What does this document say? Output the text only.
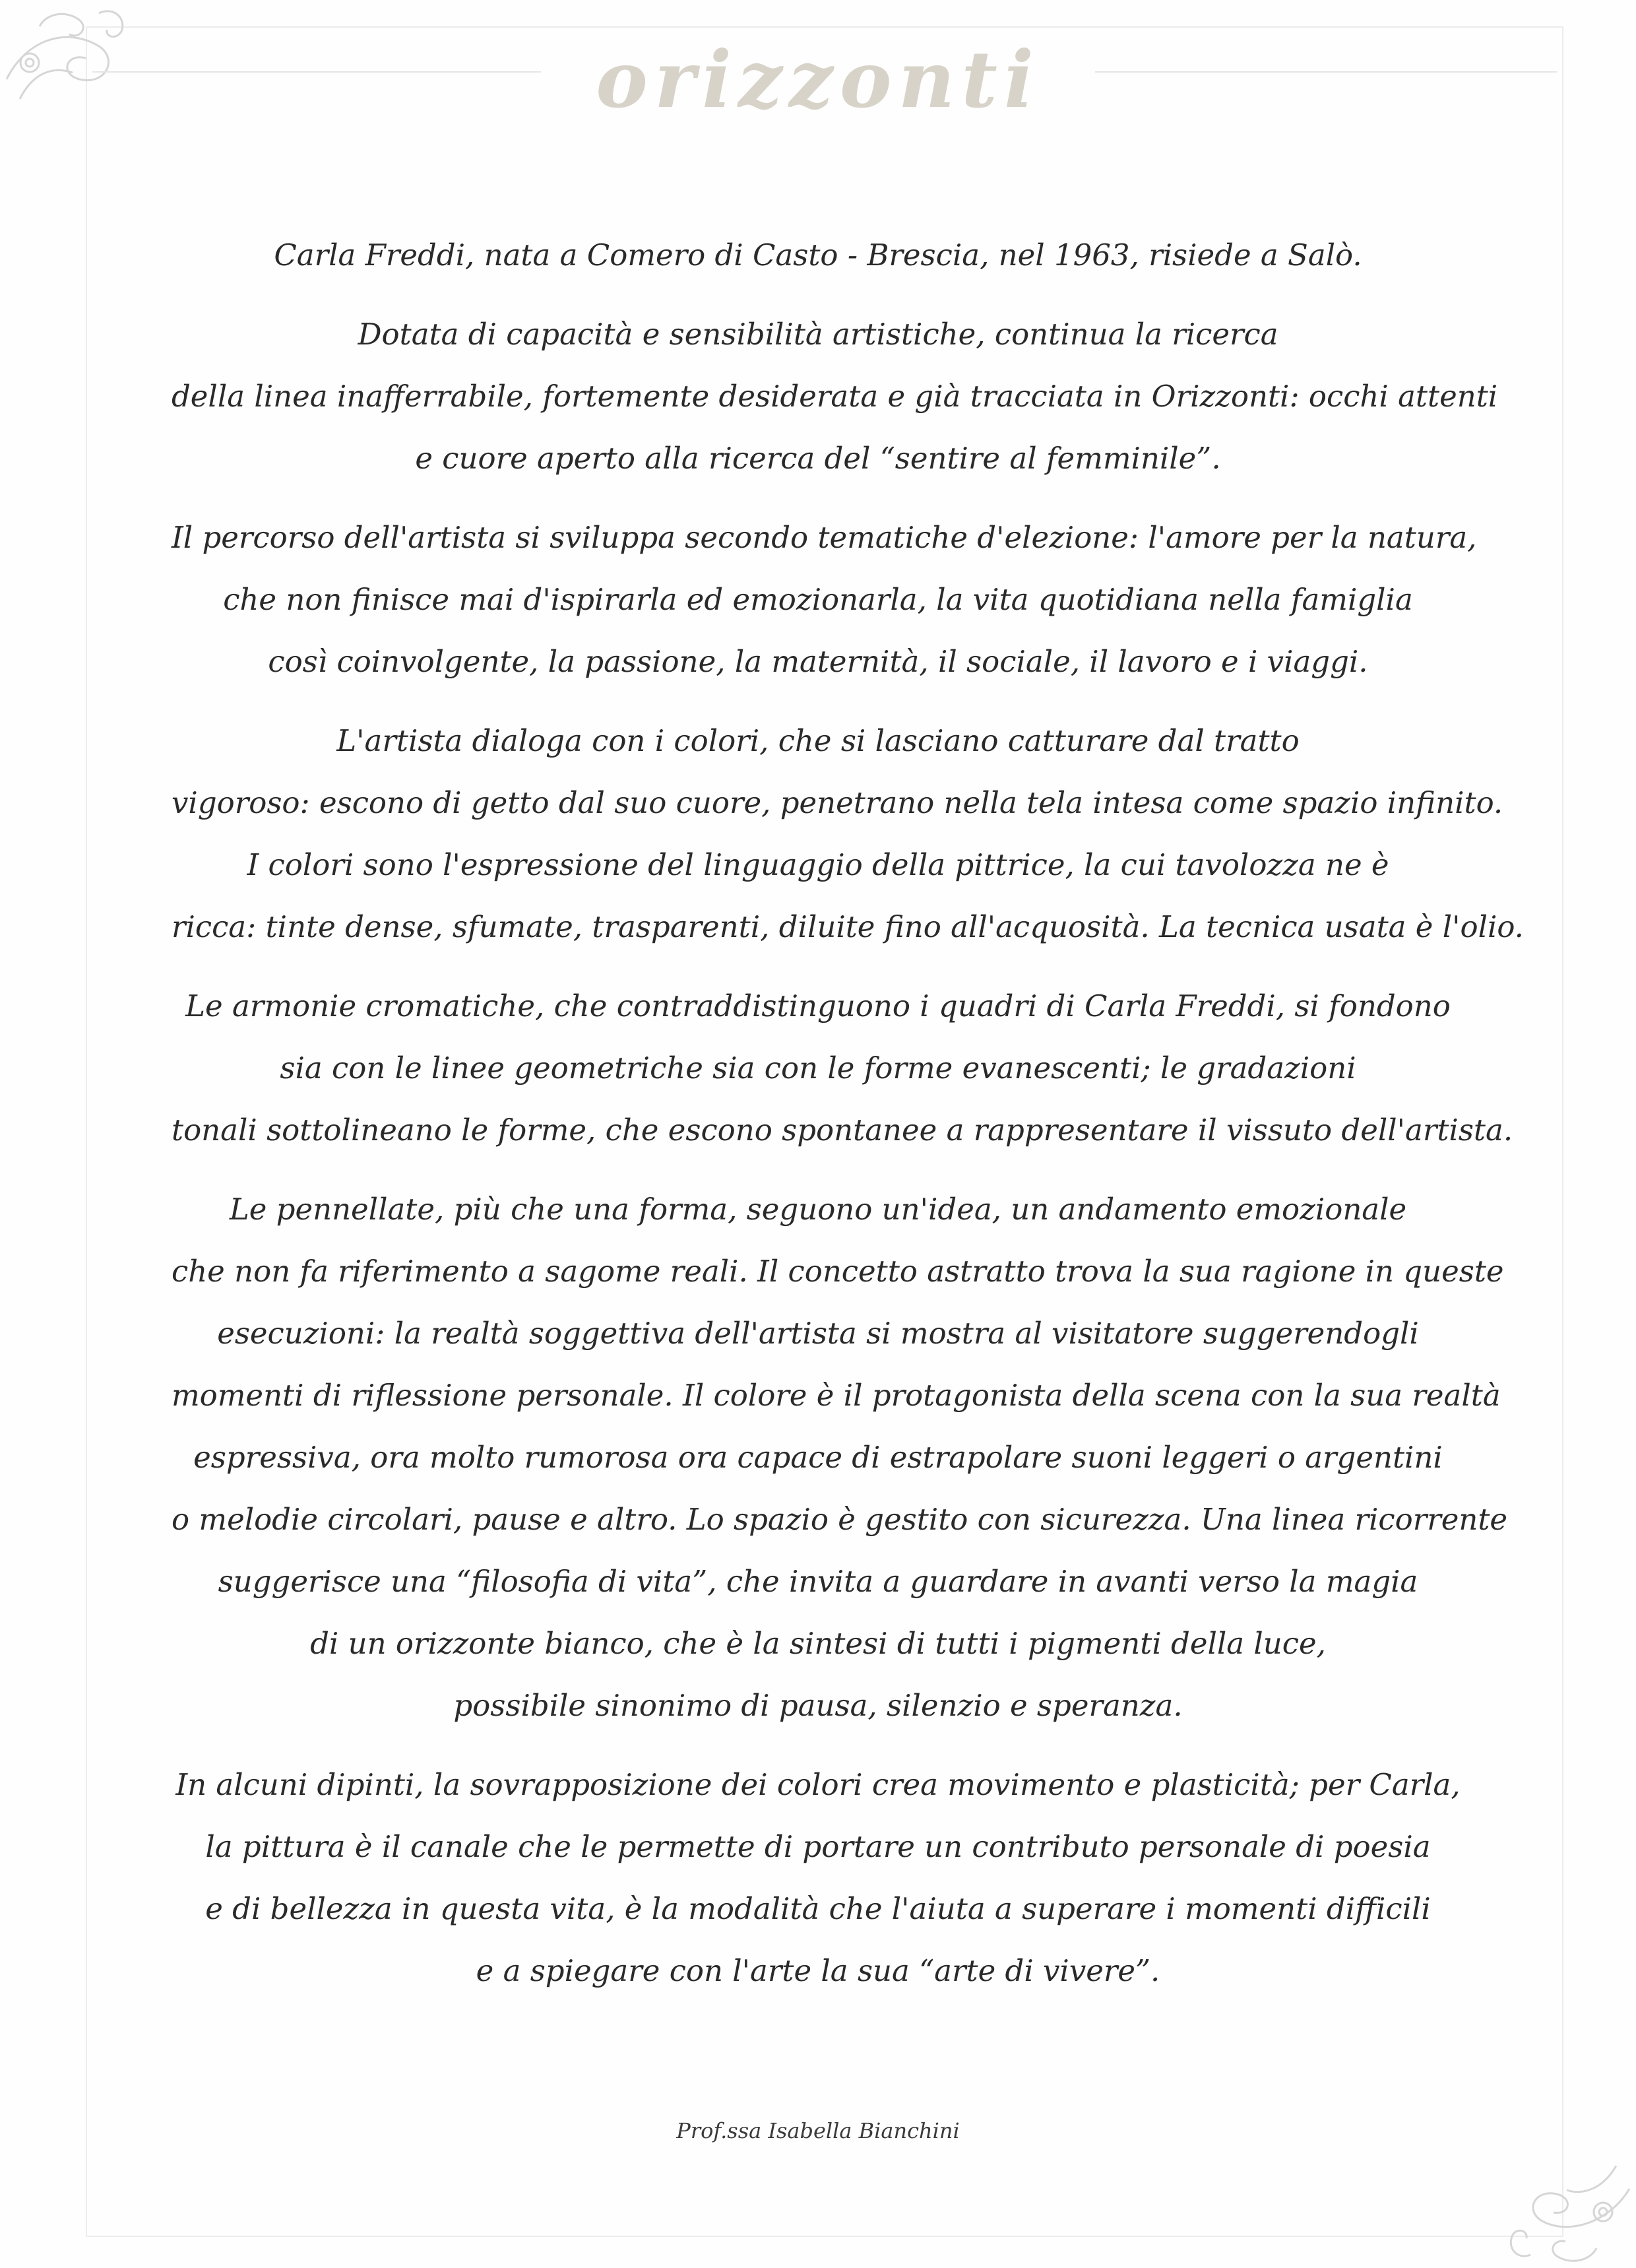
orizzonti
Carla Freddi, nata a Comero di Casto - Brescia, nel 1963, risiede a Salò.
Dotata di capacità e sensibilità artistiche, continua la ricerca
della linea inafferrabile, fortemente desiderata e già tracciata in Orizzonti: occhi attenti
e cuore aperto alla ricerca del “sentire al femminile”.
Il percorso dell'artista si sviluppa secondo tematiche d'elezione: l'amore per la natura,
che non finisce mai d'ispirarla ed emozionarla, la vita quotidiana nella famiglia
così coinvolgente, la passione, la maternità, il sociale, il lavoro e i viaggi.
L'artista dialoga con i colori, che si lasciano catturare dal tratto
vigoroso: escono di getto dal suo cuore, penetrano nella tela intesa come spazio infinito.
I colori sono l'espressione del linguaggio della pittrice, la cui tavolozza ne è
ricca: tinte dense, sfumate, trasparenti, diluite fino all'acquosità. La tecnica usata è l'olio.
Le armonie cromatiche, che contraddistinguono i quadri di Carla Freddi, si fondono
sia con le linee geometriche sia con le forme evanescenti; le gradazioni
tonali sottolineano le forme, che escono spontanee a rappresentare il vissuto dell'artista.
Le pennellate, più che una forma, seguono un'idea, un andamento emozionale
che non fa riferimento a sagome reali. Il concetto astratto trova la sua ragione in queste
esecuzioni: la realtà soggettiva dell'artista si mostra al visitatore suggerendogli
momenti di riflessione personale. Il colore è il protagonista della scena con la sua realtà
espressiva, ora molto rumorosa ora capace di estrapolare suoni leggeri o argentini
o melodie circolari, pause e altro. Lo spazio è gestito con sicurezza. Una linea ricorrente
suggerisce una “filosofia di vita”, che invita a guardare in avanti verso la magia
di un orizzonte bianco, che è la sintesi di tutti i pigmenti della luce,
possibile sinonimo di pausa, silenzio e speranza.
In alcuni dipinti, la sovrapposizione dei colori crea movimento e plasticità; per Carla,
la pittura è il canale che le permette di portare un contributo personale di poesia
e di bellezza in questa vita, è la modalità che l'aiuta a superare i momenti difficili
e a spiegare con l'arte la sua “arte di vivere”.
Prof.ssa Isabella Bianchini
